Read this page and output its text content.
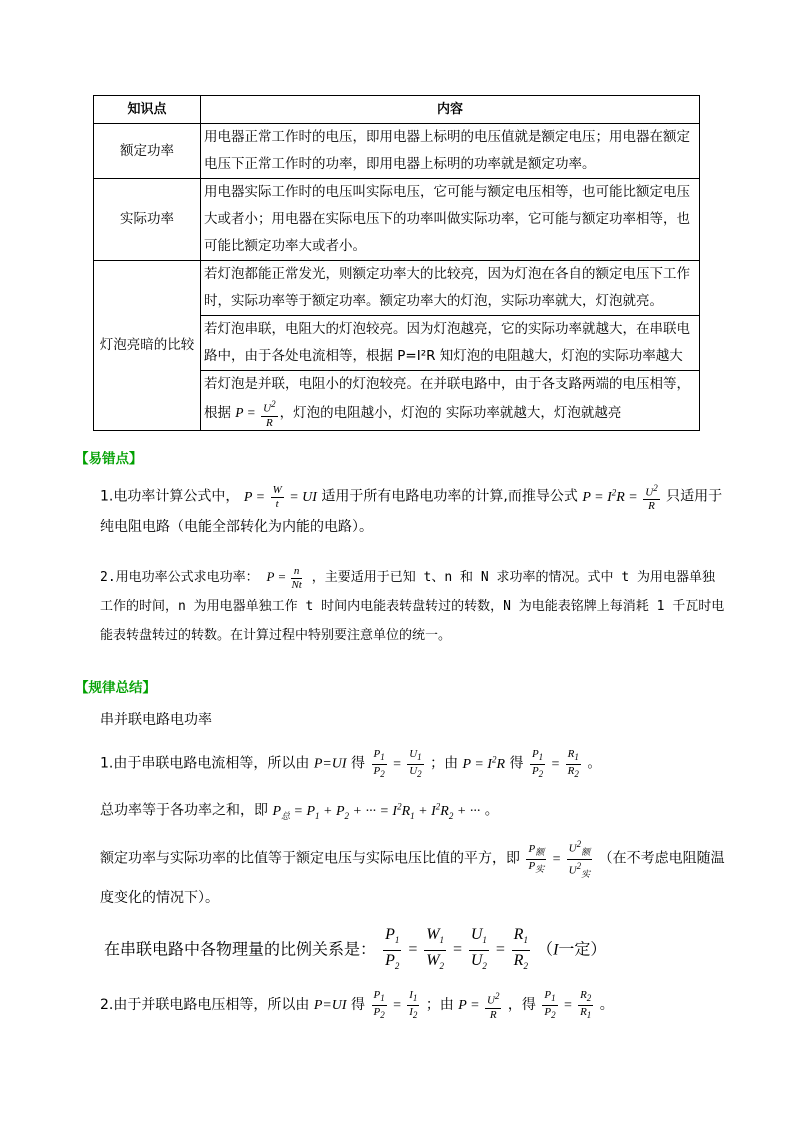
知识点	内容
额定功率	用电器正常工作时的电压，即用电器上标明的电压值就是额定电压；用电器在额定电压下正常工作时的功率，即用电器上标明的功率就是额定功率。
实际功率	用电器实际工作时的电压叫实际电压，它可能与额定电压相等，也可能比额定电压大或者小；用电器在实际电压下的功率叫做实际功率，它可能与额定功率相等，也可能比额定功率大或者小。
灯泡亮暗的比较	若灯泡都能正常发光，则额定功率大的比较亮，因为灯泡在各自的额定电压下工作时，实际功率等于额定功率。额定功率大的灯泡，实际功率就大，灯泡就亮。
	若灯泡串联，电阻大的灯泡较亮。因为灯泡越亮，它的实际功率就越大，在串联电路中，由于各处电流相等，根据 P=I²R 知灯泡的电阻越大，灯泡的实际功率越大
	若灯泡是并联，电阻小的灯泡较亮。在并联电路中，由于各支路两端的电压相等，
根据 $P = \frac{U^2}{R}$ ，灯泡的电阻越小，灯泡的 实际功率就越大，灯泡就越亮
【易错点】
1.电功率计算公式中， $P = \frac{W}{t}$ = UI 适用于所有电路电功率的计算,而推导公式 $P = I^2R = \frac{U^2}{R}$ 只适用于纯电阻电路（电能全部转化为内能的电路）。
2.用电功率公式求电功率： $P = \frac{n}{Nt}$ ，主要适用于已知 t、n 和 N 求功率的情况。式中 t 为用电器单独工作的时间，n 为用电器单独工作 t 时间内电能表转盘转过的转数，N 为电能表铭牌上每消耗 1 千瓦时电能表转盘转过的转数。在计算过程中特别要注意单位的统一。
【规律总结】
串并联电路电功率
1.由于串联电路电流相等，所以由 P=UI 得 $\frac{P_1}{P_2} = \frac{U_1}{U_2}$ ；由 $P = I^2R$ 得 $\frac{P_1}{P_2} = \frac{R_1}{R_2}$ 。
总功率等于各功率之和，即 $P_总 = P_1 + P_2$ + ··· = $I^2R_1 + I^2R_2$ + ··· 。
额定功率与实际功率的比值等于额定电压与实际电压比值的平方，即 $\frac{P_额}{P_实} = \frac{U^2_额}{U^2_实}$ （在不考虑电阻随温度变化的情况下）。
在串联电路中各物理量的比例关系是： $\frac{P_1}{P_2} = \frac{W_1}{W_2} = \frac{U_1}{U_2} = \frac{R_1}{R_2} (I$一定）
2.由于并联电路电压相等，所以由 P=UI 得 $\frac{P_1}{P_2} = \frac{I_1}{I_2}$ ；由 $P = \frac{U^2}{R}$ ，得 $\frac{P_1}{P_2} = \frac{R_2}{R_1}$ 。
